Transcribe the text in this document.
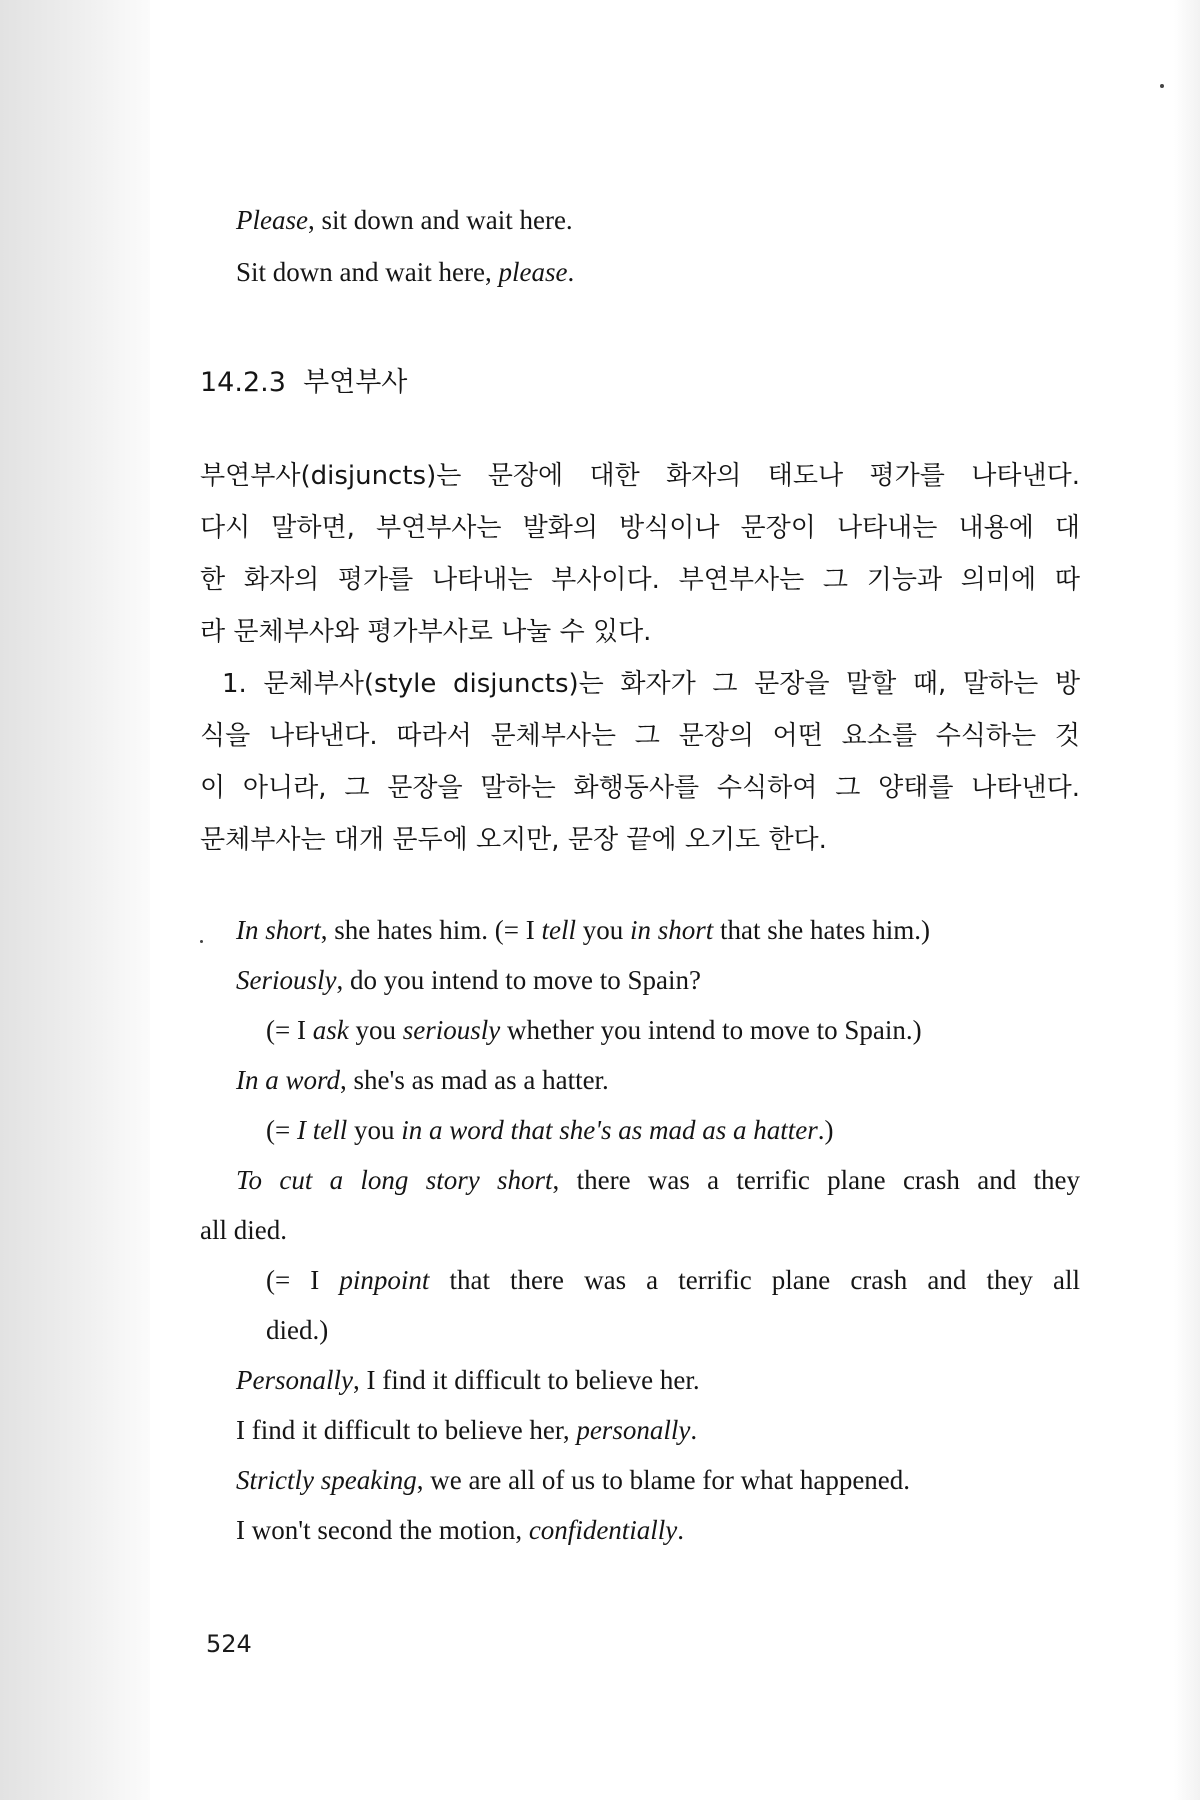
Please, sit down and wait here.
Sit down and wait here, please.
14.2.3 부연부사
부연부사(disjuncts)는 문장에 대한 화자의 태도나 평가를 나타낸다.
다시 말하면, 부연부사는 발화의 방식이나 문장이 나타내는 내용에 대
한 화자의 평가를 나타내는 부사이다. 부연부사는 그 기능과 의미에 따
라 문체부사와 평가부사로 나눌 수 있다.
1. 문체부사(style disjuncts)는 화자가 그 문장을 말할 때, 말하는 방
식을 나타낸다. 따라서 문체부사는 그 문장의 어떤 요소를 수식하는 것
이 아니라, 그 문장을 말하는 화행동사를 수식하여 그 양태를 나타낸다.
문체부사는 대개 문두에 오지만, 문장 끝에 오기도 한다.
In short, she hates him. (= I tell you in short that she hates him.)
Seriously, do you intend to move to Spain?
(= I ask you seriously whether you intend to move to Spain.)
In a word, she's as mad as a hatter.
(= I tell you in a word that she's as mad as a hatter.)
To cut a long story short, there was a terrific plane crash and they
all died.
(= I pinpoint that there was a terrific plane crash and they all
died.)
Personally, I find it difficult to believe her.
I find it difficult to believe her, personally.
Strictly speaking, we are all of us to blame for what happened.
I won't second the motion, confidentially.
524
